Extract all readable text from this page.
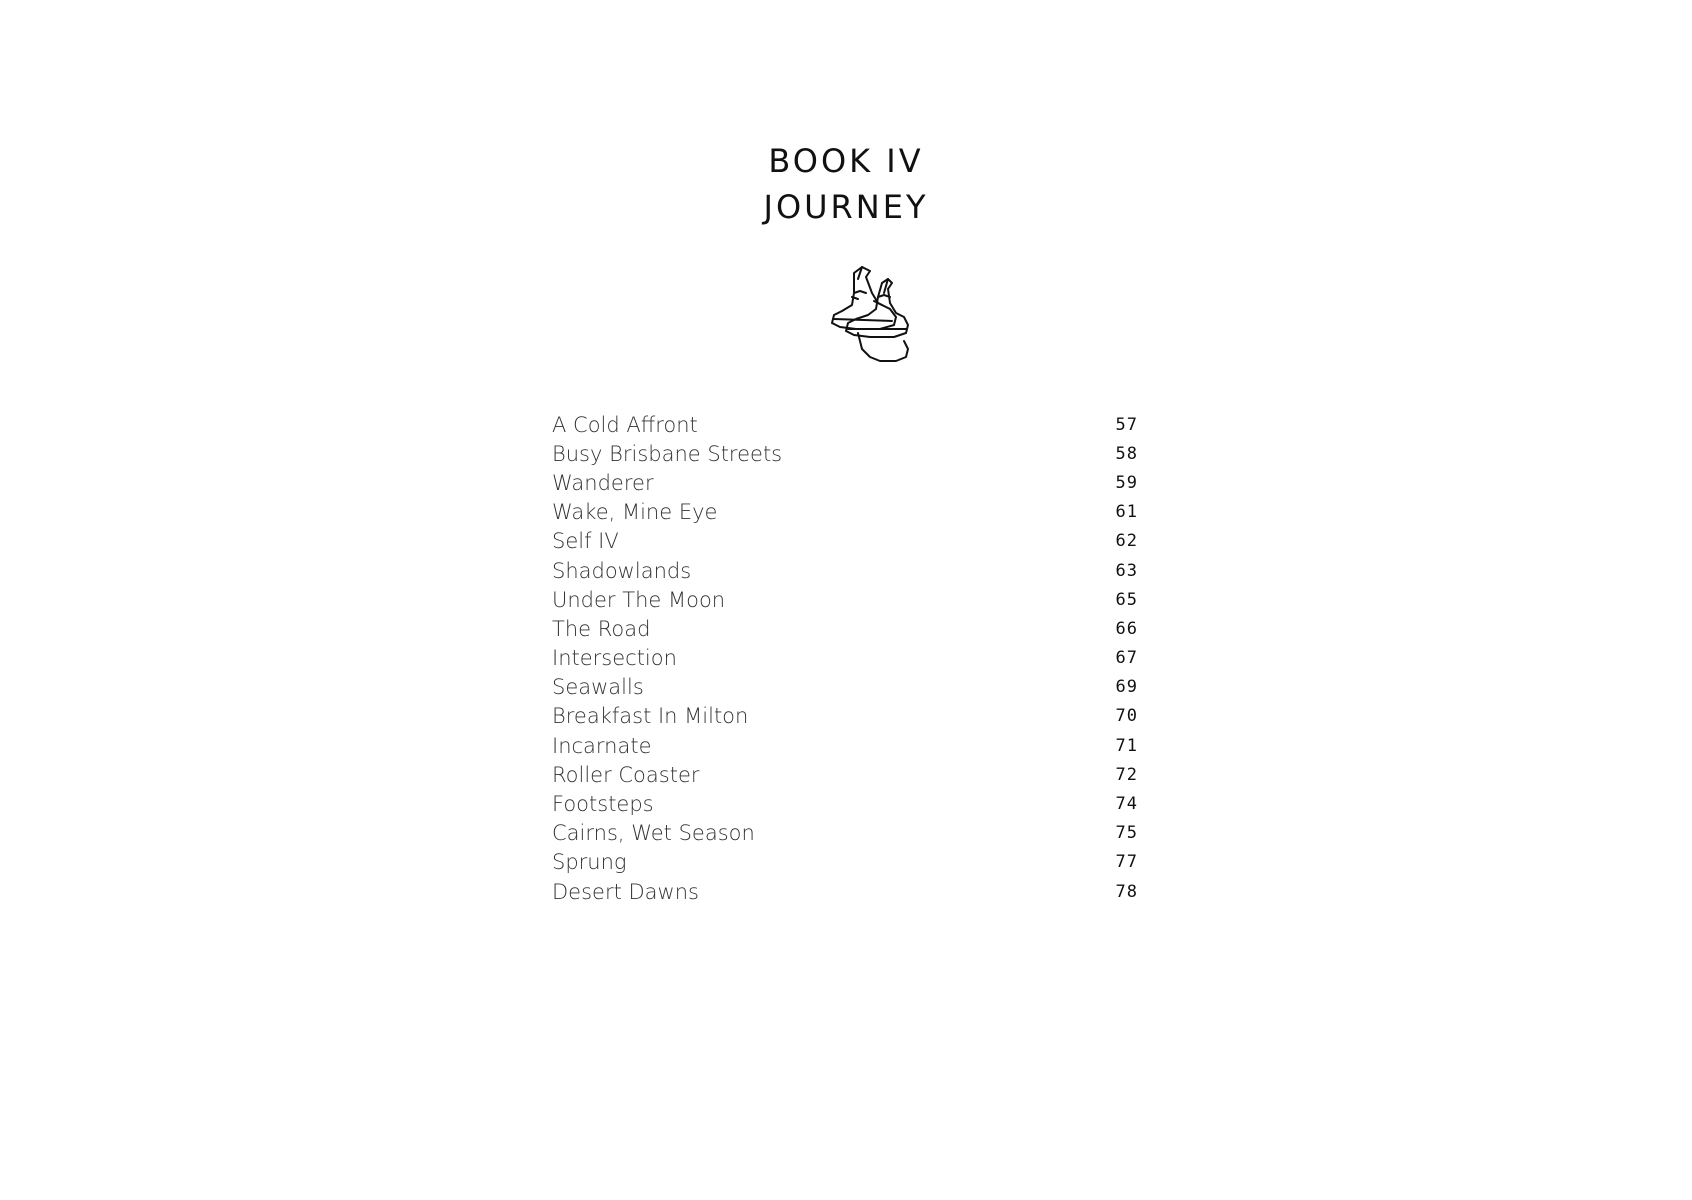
BOOK IV
JOURNEY
A Cold Affront	57
Busy Brisbane Streets	58
Wanderer	59
Wake, Mine Eye	61
Self IV	62
Shadowlands	63
Under The Moon	65
The Road	66
Intersection	67
Seawalls	69
Breakfast In Milton	70
Incarnate	71
Roller Coaster	72
Footsteps	74
Cairns, Wet Season	75
Sprung	77
Desert Dawns	78
